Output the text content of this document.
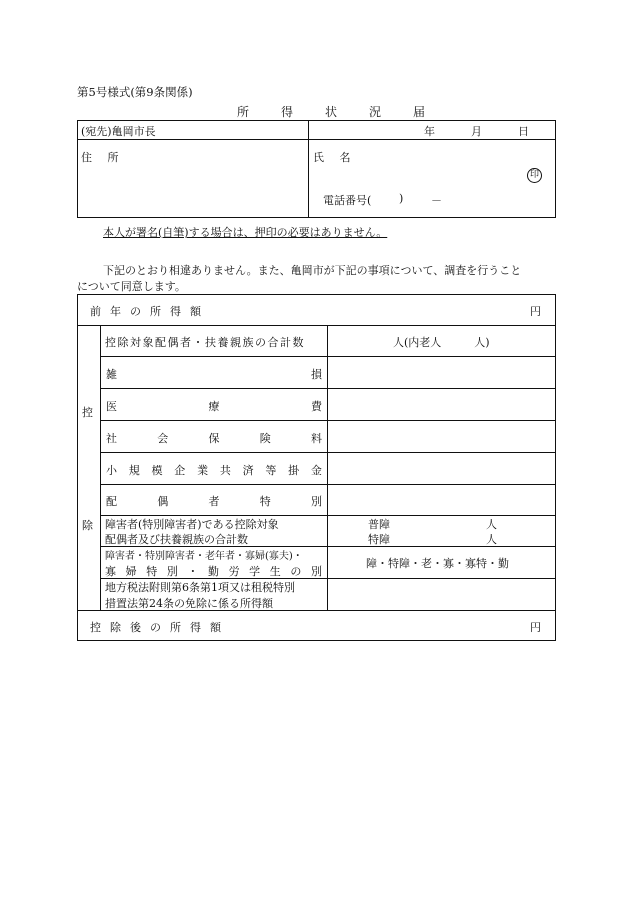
第5号様式(第9条関係)
所得状況届
(宛先)亀岡市長	年	月	日
住 所	氏 名
印
電話番号(	)	－
本人が署名(自筆)する場合は、押印の必要はありません。
下記のとおり相違ありません。また、亀岡市が下記の事項について、調査を行うこと
について同意します。
前年の所得額	円
控
除
控除対象配偶者・扶養親族の合計数	人(内老人　　　人)
雑	損
医	療	費
社	会	保	険	料
小 規 模 企 業 共 済 等 掛 金
配	偶	者	特	別
障害者(特別障害者)である控除対象
配偶者及び扶養親族の合計数
普障	人
特障	人
障害者・特別障害者・老年者・寡婦(寡夫)・
寡 婦 特 別 ・ 勤 労 学 生 の 別
障・特障・老・寡・寡特・勤
地方税法附則第6条第1項又は租税特別
措置法第24条の免除に係る所得額
控除後の所得額	円
